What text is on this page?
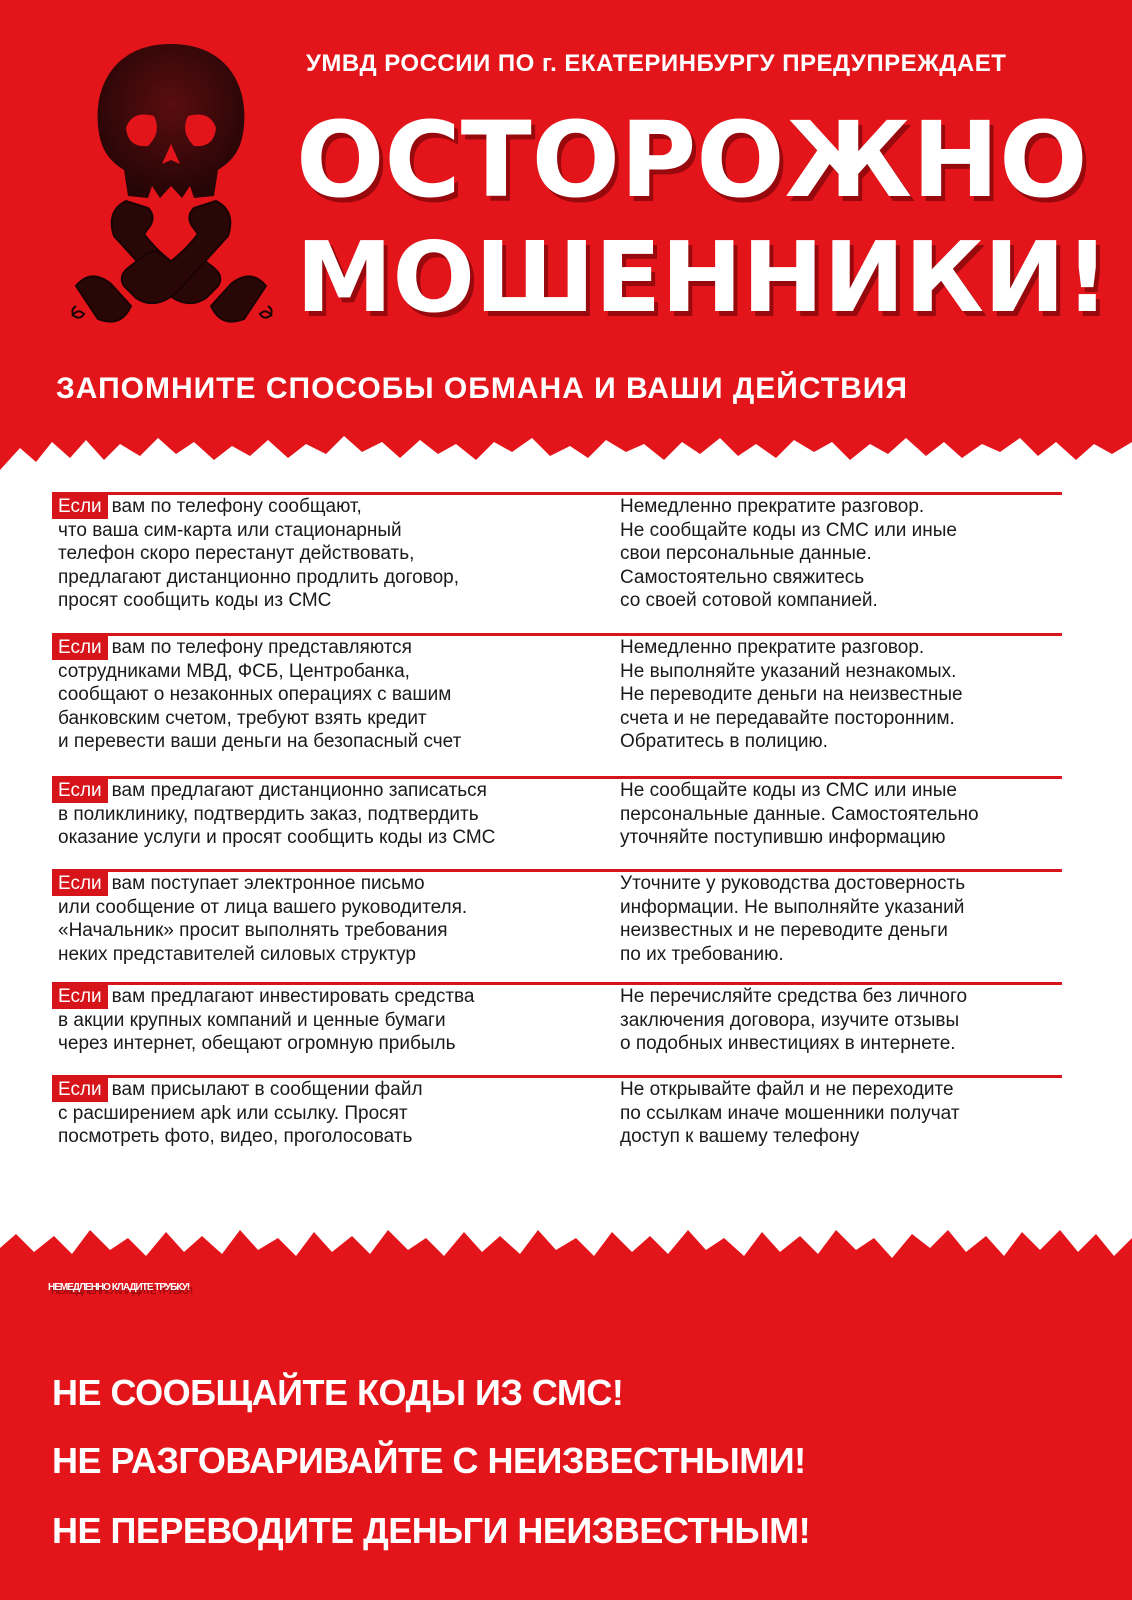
УМВД РОССИИ ПО г. ЕКАТЕРИНБУРГУ ПРЕДУПРЕЖДАЕТ
ОСТОРОЖНО
МОШЕННИКИ!
ЗАПОМНИТЕ СПОСОБЫ ОБМАНА И ВАШИ ДЕЙСТВИЯ

Если вам по телефону сообщают,
что ваша сим-карта или стационарный
телефон скоро перестанут действовать,
предлагают дистанционно продлить договор,
просят сообщить коды из СМС

Немедленно прекратите разговор.
Не сообщайте коды из СМС или иные
свои персональные данные.
Самостоятельно свяжитесь
со своей сотовой компанией.

Если вам по телефону представляются
сотрудниками МВД, ФСБ, Центробанка,
сообщают о незаконных операциях с вашим
банковским счетом, требуют взять кредит
и перевести ваши деньги на безопасный счет

Немедленно прекратите разговор.
Не выполняйте указаний незнакомых.
Не переводите деньги на неизвестные
счета и не передавайте посторонним.
Обратитесь в полицию.

Если вам предлагают дистанционно записаться
в поликлинику, подтвердить заказ, подтвердить
оказание услуги и просят сообщить коды из СМС

Не сообщайте коды из СМС или иные
персональные данные. Самостоятельно
уточняйте поступившю информацию

Если вам поступает электронное письмо
или сообщение от лица вашего руководителя.
«Начальник» просит выполнять требования
неких представителей силовых структур

Уточните у руководства достоверность
информации. Не выполняйте указаний
неизвестных и не переводите деньги
по их требованию.

Если вам предлагают инвестировать средства
в акции крупных компаний и ценные бумаги
через интернет, обещают огромную прибыль

Не перечисляйте средства без личного
заключения договора, изучите отзывы
о подобных инвестициях в интернете.

Если вам присылают в сообщении файл
с расширением apk или ссылку. Просят
посмотреть фото, видео, проголосовать

Не открывайте файл и не переходите
по ссылкам иначе мошенники получат
доступ к вашему телефону

НЕМЕДЛЕННО КЛАДИТЕ ТРУБКУ!
НЕ СООБЩАЙТЕ КОДЫ ИЗ СМС!
НЕ РАЗГОВАРИВАЙТЕ С НЕИЗВЕСТНЫМИ!
НЕ ПЕРЕВОДИТЕ ДЕНЬГИ НЕИЗВЕСТНЫМ!
